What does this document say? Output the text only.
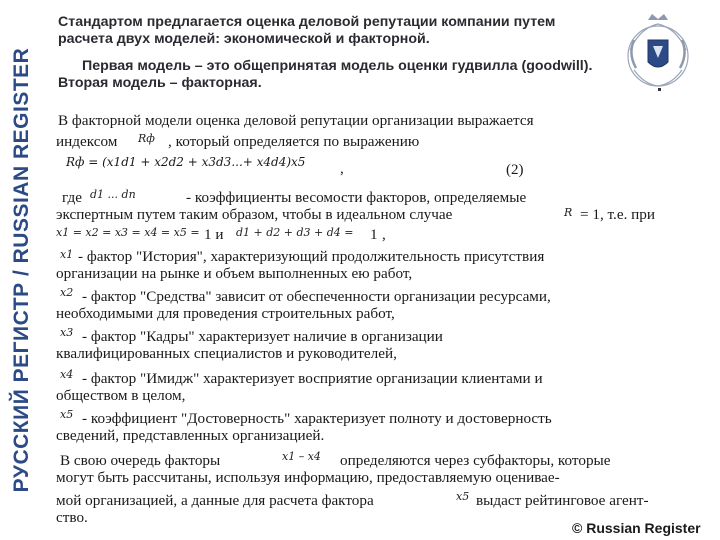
РУССКИЙ РЕГИСТР / RUSSIAN REGISTER

Стандартом предлагается оценка деловой репутации компании путем расчета двух моделей: экономической и факторной.

Первая модель – это общепринятая модель оценки гудвилла (goodwill). Вторая модель – факторная.

В факторной модели оценка деловой репутации организации выражается
индексом Rф , который определяется по выражению
Rф = (x1d1 + x2d2 + x3d3...+ x4d4)x5 ,	(2)
где d1 ... dn	- коэффициенты весомости факторов, определяемые
экспертным путем таким образом, чтобы в идеальном случае	R = 1, т.е. при
x1 = x2 = x3 = x4 = x5 = 1 и d1 + d2 + d3 + d4 = 1 ,
x1 - фактор "История", характеризующий продолжительность присутствия
организации на рынке и объем выполненных ею работ,
x2 - фактор "Средства" зависит от обеспеченности организации ресурсами,
необходимыми для проведения строительных работ,
x3 - фактор "Кадры" характеризует наличие в организации
квалифицированных специалистов и руководителей,
x4 - фактор "Имидж" характеризует восприятие организации клиентами и
обществом в целом,
x5 - коэффициент "Достоверность" характеризует полноту и достоверность
сведений, представленных организацией.
В свою очередь факторы	x1 – x4 определяются через субфакторы, которые
могут быть рассчитаны, используя информацию, предоставляемую оценивае-
мой организацией, а данные для расчета фактора	x5 выдаст рейтинговое агент-
ство.
© Russian Register
